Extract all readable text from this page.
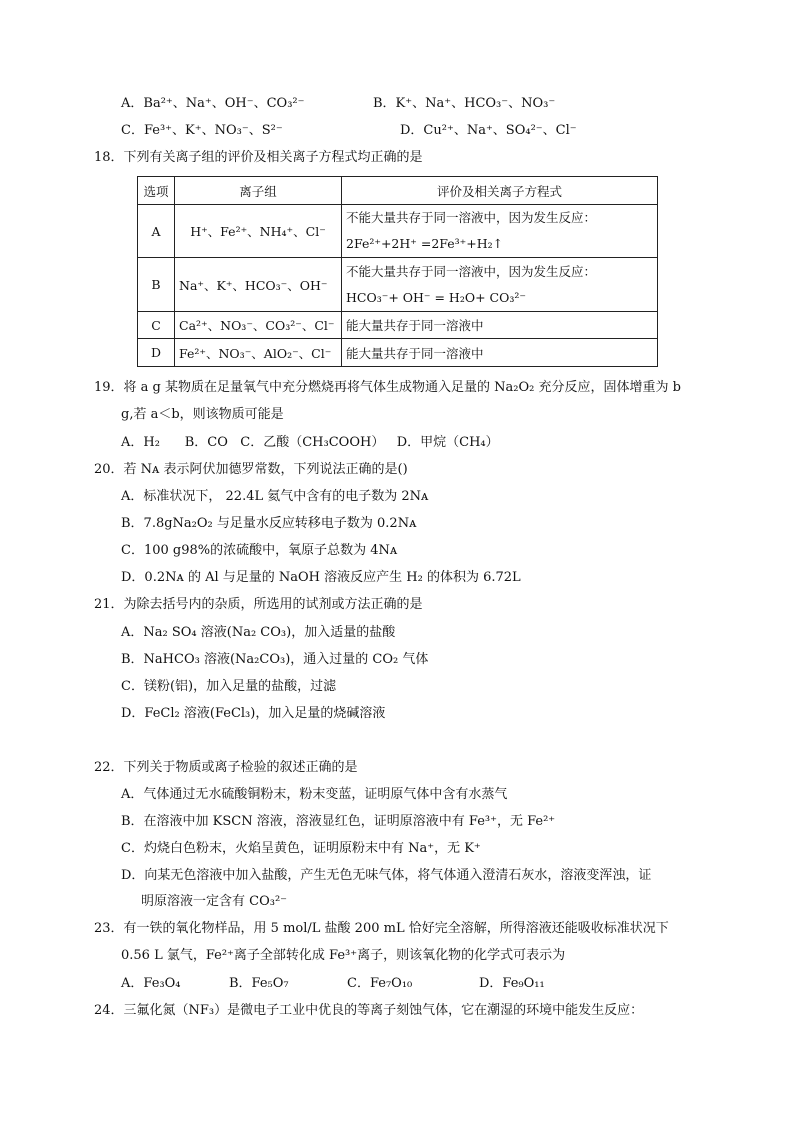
A．Ba²⁺、Na⁺、OH⁻、CO₃²⁻	B．K⁺、Na⁺、HCO₃⁻、NO₃⁻
C．Fe³⁺、K⁺、NO₃⁻、S²⁻	D．Cu²⁺、Na⁺、SO₄²⁻、Cl⁻
18．下列有关离子组的评价及相关离子方程式均正确的是
选项	离子组	评价及相关离子方程式
A	H⁺、Fe²⁺、NH₄⁺、Cl⁻	不能大量共存于同一溶液中，因为发生反应：
2Fe²⁺+2H⁺ =2Fe³⁺+H₂↑

B	Na⁺、K⁺、HCO₃⁻、OH⁻	不能大量共存于同一溶液中，因为发生反应：
HCO₃⁻+ OH⁻ = H₂O+ CO₃²⁻

C	Ca²⁺、NO₃⁻、CO₃²⁻、Cl⁻	能大量共存于同一溶液中
D	Fe²⁺、NO₃⁻、AlO₂⁻、Cl⁻	能大量共存于同一溶液中
19．将 a g 某物质在足量氧气中充分燃烧再将气体生成物通入足量的 Na₂O₂ 充分反应，固体增重为 b
g,若 a＜b，则该物质可能是
A．H₂      B．CO   C．乙酸（CH₃COOH）   D．甲烷（CH₄）
20．若 Nᴀ 表示阿伏加德罗常数，下列说法正确的是()
A．标准状况下， 22.4L 氦气中含有的电子数为 2Nᴀ
B．7.8gNa₂O₂ 与足量水反应转移电子数为 0.2Nᴀ
C．100 g98%的浓硫酸中，氧原子总数为 4Nᴀ
D．0.2Nᴀ 的 Al 与足量的 NaOH 溶液反应产生 H₂ 的体积为 6.72L
21．为除去括号内的杂质，所选用的试剂或方法正确的是
A．Na₂ SO₄ 溶液(Na₂ CO₃)，加入适量的盐酸
B．NaHCO₃ 溶液(Na₂CO₃)，通入过量的 CO₂ 气体
C．镁粉(铝)，加入足量的盐酸，过滤
D．FeCl₂ 溶液(FeCl₃)，加入足量的烧碱溶液
22．下列关于物质或离子检验的叙述正确的是
A．气体通过无水硫酸铜粉末，粉末变蓝，证明原气体中含有水蒸气
B．在溶液中加 KSCN 溶液，溶液显红色，证明原溶液中有 Fe³⁺，无 Fe²⁺
C．灼烧白色粉末，火焰呈黄色，证明原粉末中有 Na⁺，无 K⁺
D．向某无色溶液中加入盐酸，产生无色无味气体，将气体通入澄清石灰水，溶液变浑浊，证
明原溶液一定含有 CO₃²⁻
23．有一铁的氧化物样品，用 5 mol/L 盐酸 200 mL 恰好完全溶解，所得溶液还能吸收标准状况下
0.56 L 氯气，Fe²⁺离子全部转化成 Fe³⁺离子，则该氧化物的化学式可表示为
A．Fe₃O₄	B．Fe₅O₇	C．Fe₇O₁₀	D．Fe₉O₁₁
24．三氟化氮（NF₃）是微电子工业中优良的等离子刻蚀气体，它在潮湿的环境中能发生反应：
